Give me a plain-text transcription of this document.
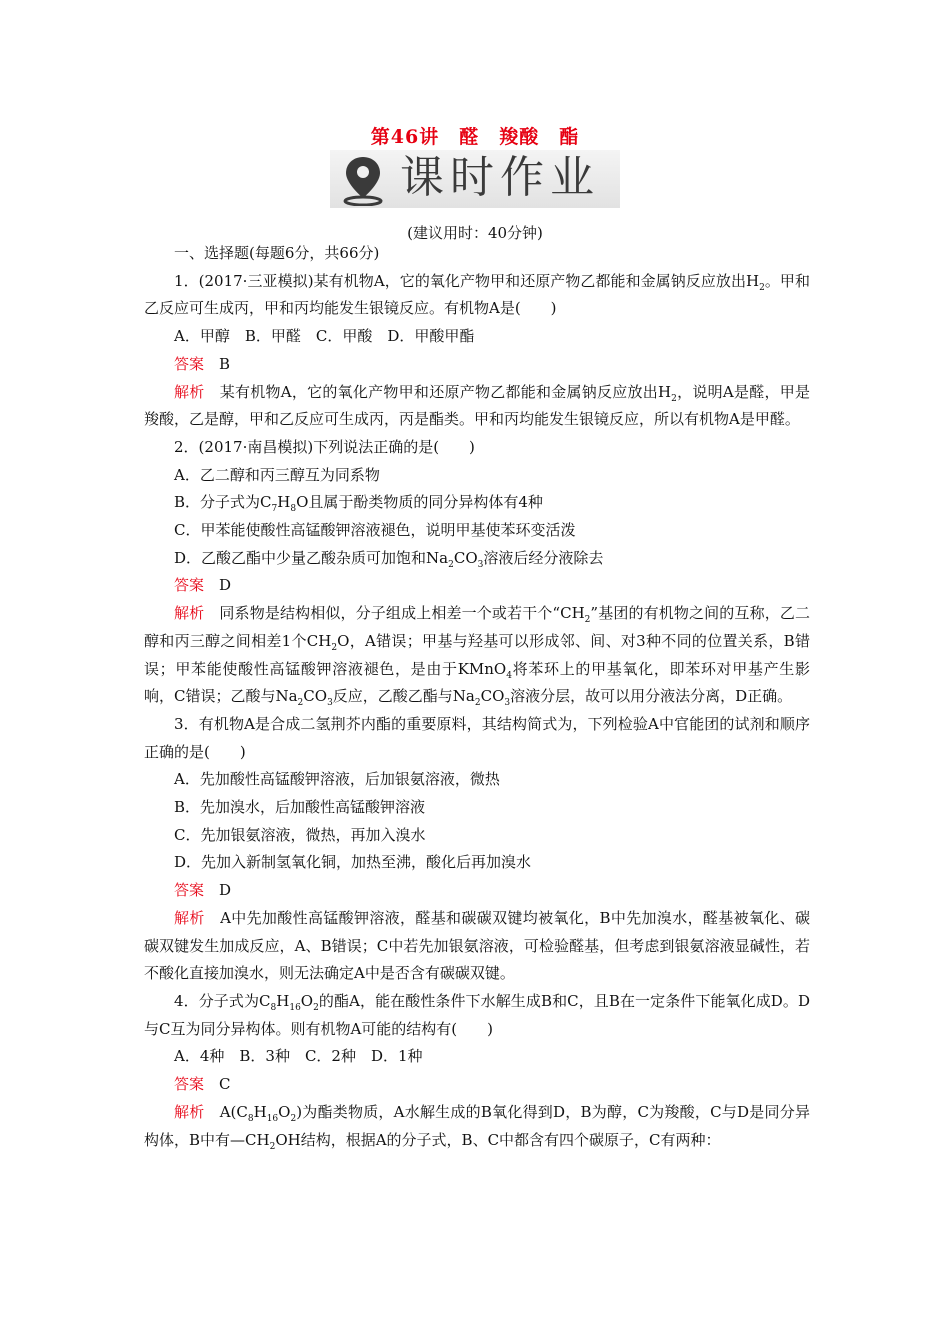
第46讲　醛　羧酸　酯
课时作业
(建议用时：40分钟)

一、选择题(每题6分，共66分)

1．(2017·三亚模拟)某有机物A，它的氧化产物甲和还原产物乙都能和金属钠反应放出$H_2$。甲和乙反应可生成丙，甲和丙均能发生银镜反应。有机物A是(　　)

A．甲醇　B．甲醛　C．甲酸　D．甲酸甲酯

答案　 B

解析　 某有机物A，它的氧化产物甲和还原产物乙都能和金属钠反应放出$H_2$，说明A是醛，甲是羧酸，乙是醇，甲和乙反应可生成丙，丙是酯类。甲和丙均能发生银镜反应，所以有机物A是甲醛。

2．(2017·南昌模拟)下列说法正确的是(　　)

A．乙二醇和丙三醇互为同系物

B．分子式为$C_7H_8O$且属于酚类物质的同分异构体有4种

C．甲苯能使酸性高锰酸钾溶液褪色，说明甲基使苯环变活泼

D．乙酸乙酯中少量乙酸杂质可加饱和$Na_2CO_3$溶液后经分液除去

答案　 D

解析　 同系物是结构相似，分子组成上相差一个或若干个“$CH_2$”基团的有机物之间的互称，乙二醇和丙三醇之间相差1个$CH_2O$，A错误；甲基与羟基可以形成邻、间、对3种不同的位置关系，B错误；甲苯能使酸性高锰酸钾溶液褪色，是由于KMnO$_4$将苯环上的甲基氧化，即苯环对甲基产生影响，C错误；乙酸与$Na_2CO_3$反应，乙酸乙酯与$Na_2CO_3$溶液分层，故可以用分液法分离，D正确。

3．有机物A是合成二氢荆芥内酯的重要原料，其结构简式为，下列检验A中官能团的试剂和顺序正确的是(　　)

A．先加酸性高锰酸钾溶液，后加银氨溶液，微热

B．先加溴水，后加酸性高锰酸钾溶液

C．先加银氨溶液，微热，再加入溴水

D．先加入新制氢氧化铜，加热至沸，酸化后再加溴水

答案　 D

解析　 A中先加酸性高锰酸钾溶液，醛基和碳碳双键均被氧化，B中先加溴水，醛基被氧化、碳碳双键发生加成反应，A、B错误；C中若先加银氨溶液，可检验醛基，但考虑到银氨溶液显碱性，若不酸化直接加溴水，则无法确定A中是否含有碳碳双键。

4．分子式为$C_8H_{16}O_2$的酯A，能在酸性条件下水解生成B和C，且B在一定条件下能氧化成D。D与C互为同分异构体。则有机物A可能的结构有(　　)

A．4种　B．3种　C．2种　D．1种

答案　 C

解析　 $A(C_8H_{16}O_2)$为酯类物质，A水解生成的B氧化得到D，B为醇，C为羧酸，C与D是同分异构体，B中有$—CH_2OH$结构，根据A的分子式，B、C中都含有四个碳原子，C有两种：
